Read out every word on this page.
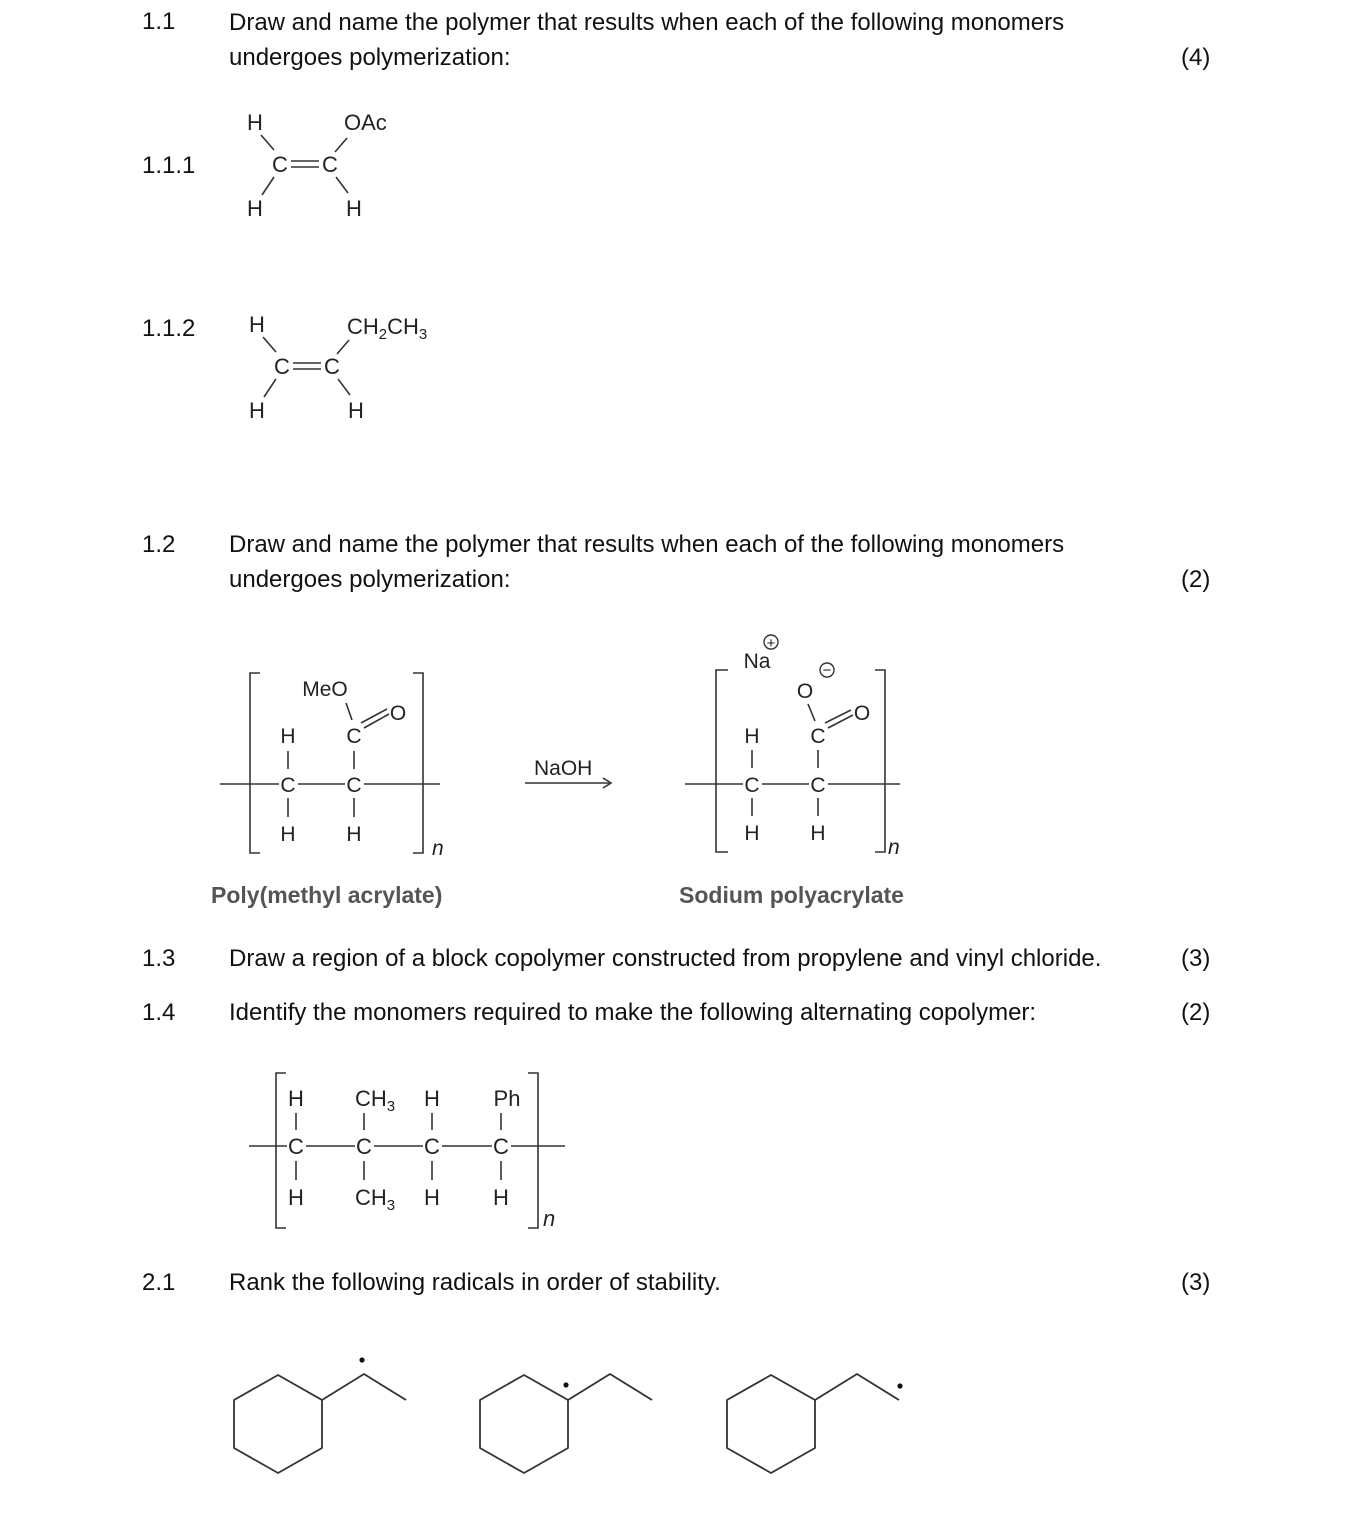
1.1 Draw and name the polymer that results when each of the following monomers undergoes polymerization:	(4)
1.1.1
H	OAc
C C
H	H
1.1.2 H	$CH_2CH_3$
C C
H	H
1.2 Draw and name the polymer that results when each of the following monomers undergoes polymerization:	(2)
MeO
O
H C
C C
H H
n
NaOH
Na
O
O
H C
C C
H H
n
+
−
Poly(methyl acrylate)	Sodium polyacrylate
1.3 Draw a region of a block copolymer constructed from propylene and vinyl chloride.	(3)
1.4 Identify the monomers required to make the following alternating copolymer:	(2)
H $CH_3$ H Ph
C C C C
H $CH_3$ H H
n
2.1 Rank the following radicals in order of stability.	(3)
